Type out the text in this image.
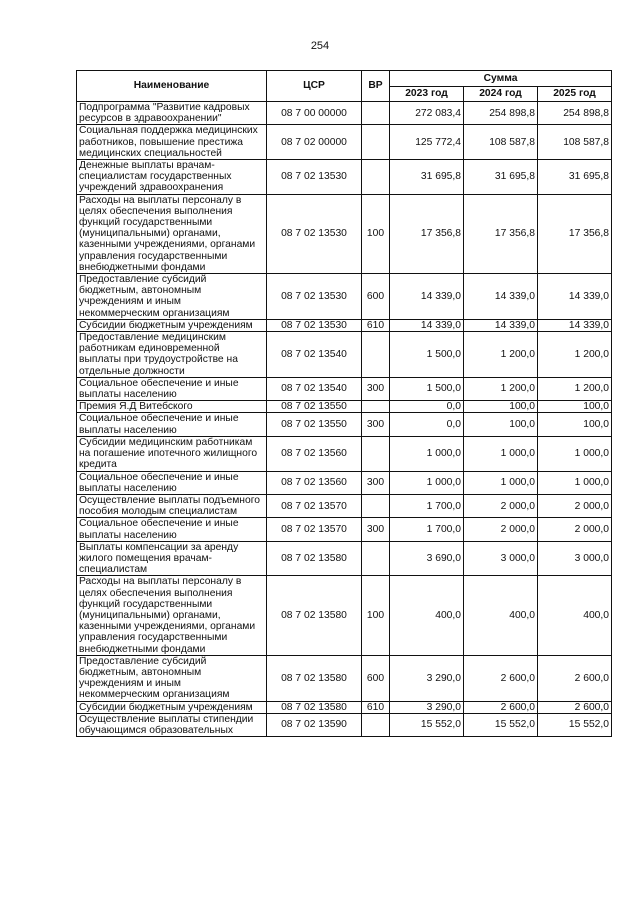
254
Наименование	ЦСР	ВР	Сумма		
			2023 год	2024 год	2025 год
Подпрограмма "Развитие кадровых ресурсов в здравоохранении"	08 7 00 00000		272 083,4	254 898,8	254 898,8
Социальная поддержка медицинских работников, повышение престижа медицинских специальностей	08 7 02 00000		125 772,4	108 587,8	108 587,8
Денежные выплаты врачам-специалистам государственных учреждений здравоохранения	08 7 02 13530		31 695,8	31 695,8	31 695,8
Расходы на выплаты персоналу в целях обеспечения выполнения функций государственными (муниципальными) органами, казенными учреждениями, органами управления государственными внебюджетными фондами	08 7 02 13530	100	17 356,8	17 356,8	17 356,8
Предоставление субсидий бюджетным, автономным учреждениям и иным некоммерческим организациям	08 7 02 13530	600	14 339,0	14 339,0	14 339,0
Субсидии бюджетным учреждениям	08 7 02 13530	610	14 339,0	14 339,0	14 339,0
Предоставление медицинским работникам единовременной выплаты при трудоустройстве на отдельные должности	08 7 02 13540		1 500,0	1 200,0	1 200,0
Социальное обеспечение и иные выплаты населению	08 7 02 13540	300	1 500,0	1 200,0	1 200,0
Премия Я.Д Витебского	08 7 02 13550		0,0	100,0	100,0
Социальное обеспечение и иные выплаты населению	08 7 02 13550	300	0,0	100,0	100,0
Субсидии медицинским работникам на погашение ипотечного жилищного кредита	08 7 02 13560		1 000,0	1 000,0	1 000,0
Социальное обеспечение и иные выплаты населению	08 7 02 13560	300	1 000,0	1 000,0	1 000,0
Осуществление выплаты подъемного пособия молодым специалистам	08 7 02 13570		1 700,0	2 000,0	2 000,0
Социальное обеспечение и иные выплаты населению	08 7 02 13570	300	1 700,0	2 000,0	2 000,0
Выплаты компенсации за аренду жилого помещения врачам-специалистам	08 7 02 13580		3 690,0	3 000,0	3 000,0
Расходы на выплаты персоналу в целях обеспечения выполнения функций государственными (муниципальными) органами, казенными учреждениями, органами управления государственными внебюджетными фондами	08 7 02 13580	100	400,0	400,0	400,0
Предоставление субсидий бюджетным, автономным учреждениям и иным некоммерческим организациям	08 7 02 13580	600	3 290,0	2 600,0	2 600,0
Субсидии бюджетным учреждениям	08 7 02 13580	610	3 290,0	2 600,0	2 600,0
Осуществление выплаты стипендии обучающимся образовательных	08 7 02 13590		15 552,0	15 552,0	15 552,0
